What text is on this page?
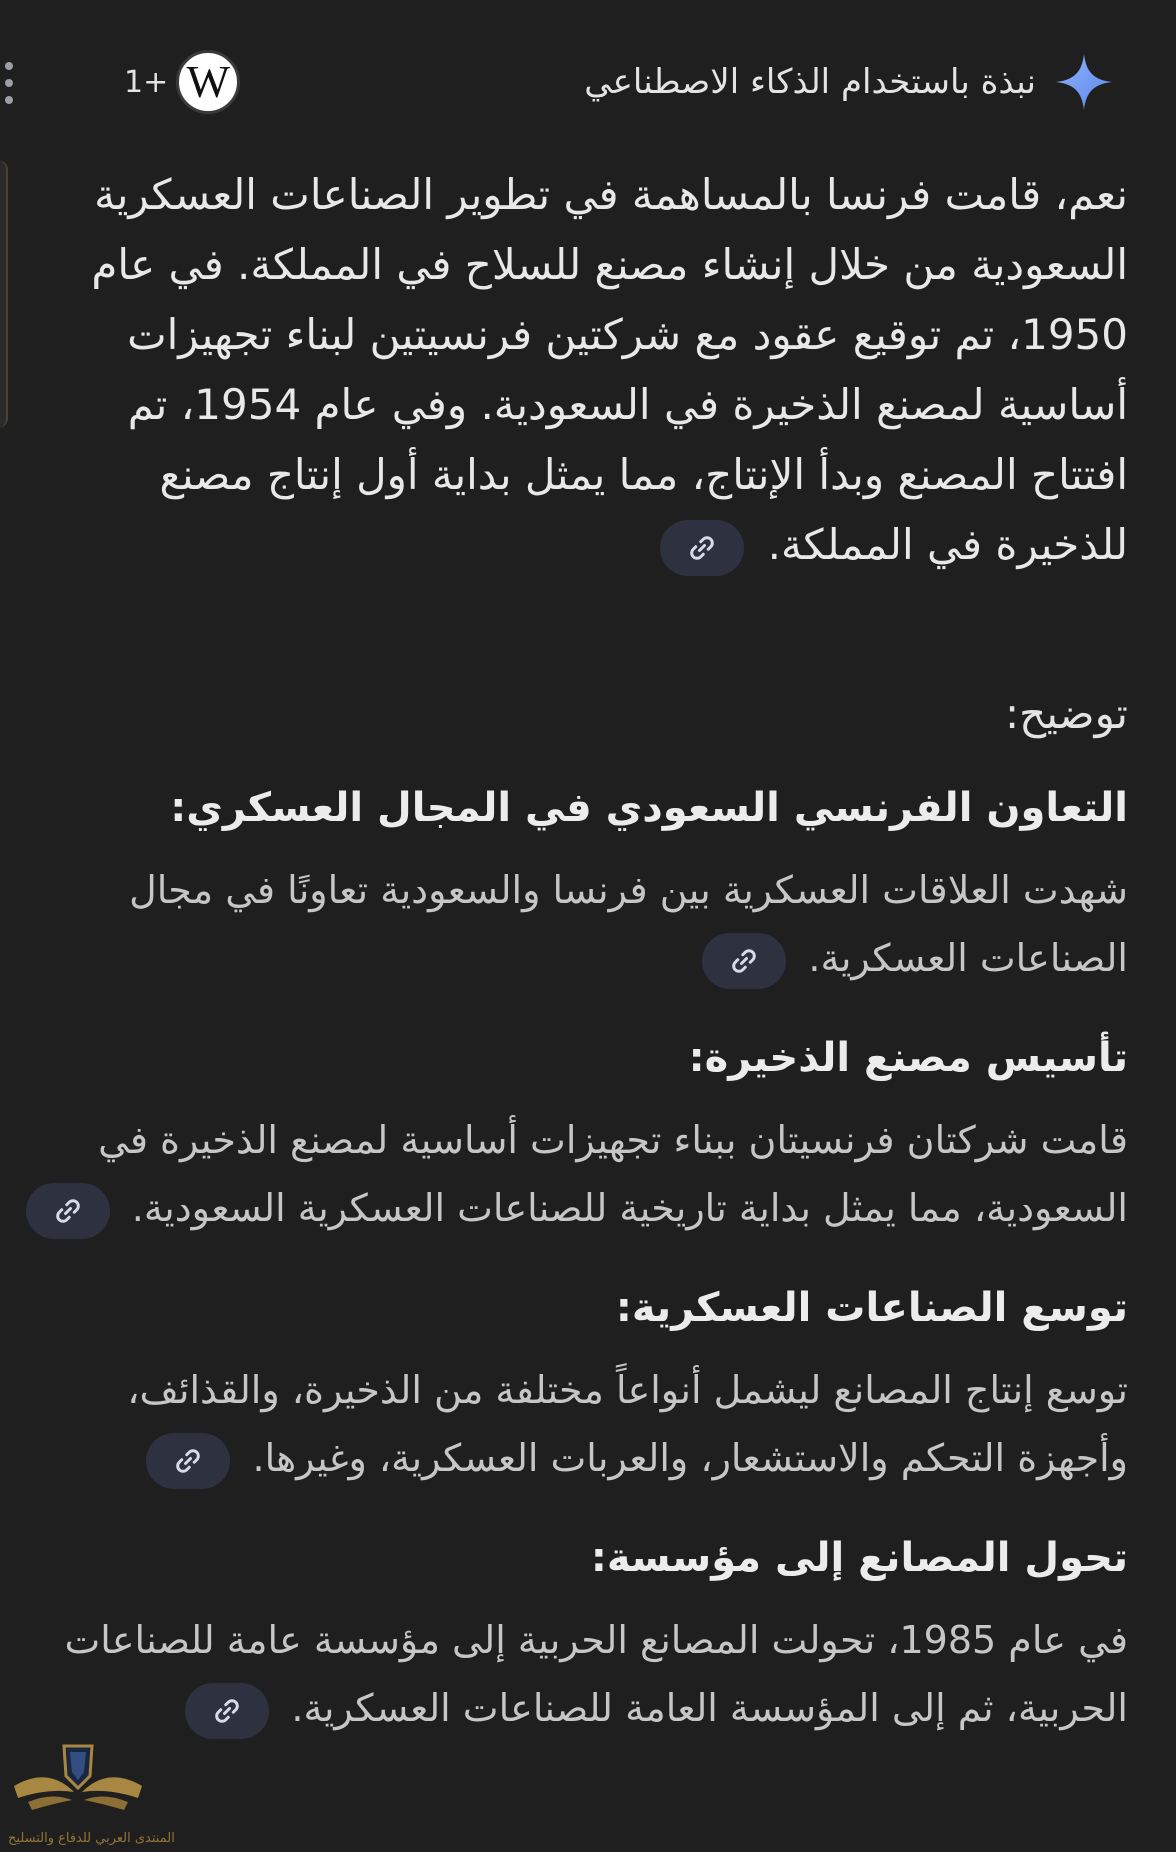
نبذة باستخدام الذكاء الاصطناعي
1+ W

نعم، قامت فرنسا بالمساهمة في تطوير الصناعات العسكرية السعودية من خلال إنشاء مصنع للسلاح في المملكة. في عام 1950، تم توقيع عقود مع شركتين فرنسيتين لبناء تجهيزات أساسية لمصنع الذخيرة في السعودية. وفي عام 1954، تم افتتاح المصنع وبدأ الإنتاج، مما يمثل بداية أول إنتاج مصنع للذخيرة في المملكة.

توضيح:

التعاون الفرنسي السعودي في المجال العسكري:

شهدت العلاقات العسكرية بين فرنسا والسعودية تعاونًا في مجال الصناعات العسكرية.

تأسيس مصنع الذخيرة:

قامت شركتان فرنسيتان ببناء تجهيزات أساسية لمصنع الذخيرة في السعودية، مما يمثل بداية تاريخية للصناعات العسكرية السعودية.

توسع الصناعات العسكرية:

توسع إنتاج المصانع ليشمل أنواعاً مختلفة من الذخيرة، والقذائف، وأجهزة التحكم والاستشعار، والعربات العسكرية، وغيرها.

تحول المصانع إلى مؤسسة:

في عام 1985، تحولت المصانع الحربية إلى مؤسسة عامة للصناعات الحربية، ثم إلى المؤسسة العامة للصناعات العسكرية.

المنتدى العربي للدفاع والتسليح
